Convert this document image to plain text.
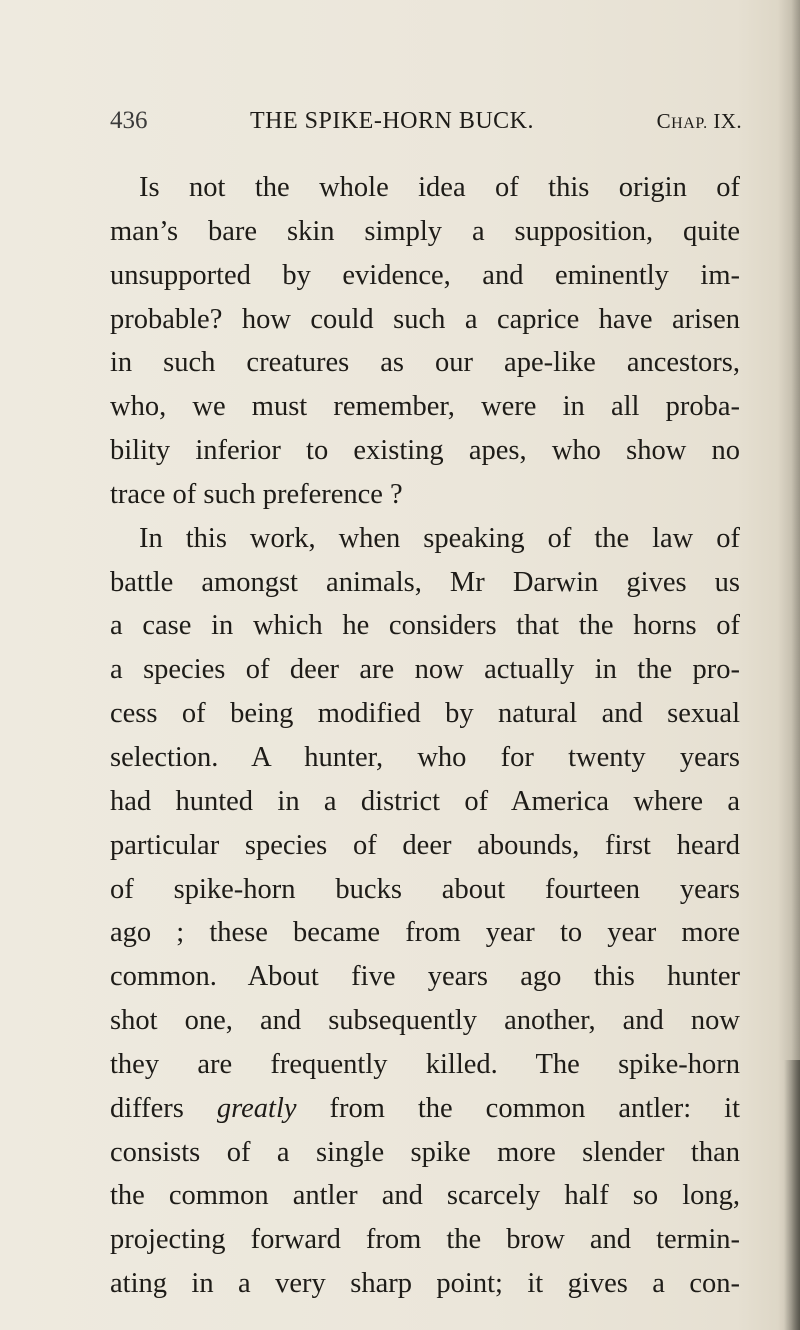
436	THE SPIKE-HORN BUCK.	CHAP. IX.
Is not the whole idea of this origin of
man’s bare skin simply a supposition, quite
unsupported by evidence, and eminently im-
probable? how could such a caprice have arisen
in such creatures as our ape-like ancestors,
who, we must remember, were in all proba-
bility inferior to existing apes, who show no
trace of such preference ?
In this work, when speaking of the law of
battle amongst animals, Mr Darwin gives us
a case in which he considers that the horns of
a species of deer are now actually in the pro-
cess of being modified by natural and sexual
selection. A hunter, who for twenty years
had hunted in a district of America where a
particular species of deer abounds, first heard
of spike-horn bucks about fourteen years
ago ; these became from year to year more
common. About five years ago this hunter
shot one, and subsequently another, and now
they are frequently killed. The spike-horn
differs greatly from the common antler: it
consists of a single spike more slender than
the common antler and scarcely half so long,
projecting forward from the brow and termin-
ating in a very sharp point; it gives a con-
